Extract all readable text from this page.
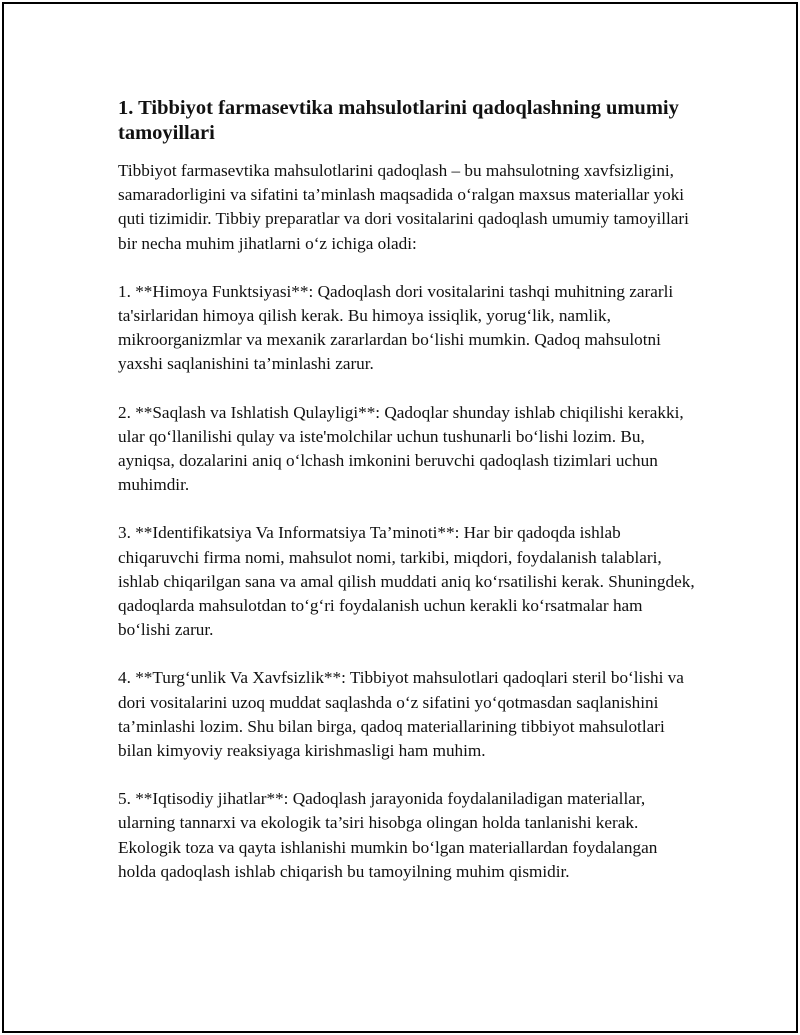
1. Tibbiyot farmasevtika mahsulotlarini qadoqlashning umumiy tamoyillari

Tibbiyot farmasevtika mahsulotlarini qadoqlash – bu mahsulotning xavfsizligini, samaradorligini va sifatini ta’minlash maqsadida o‘ralgan maxsus materiallar yoki quti tizimidir. Tibbiy preparatlar va dori vositalarini qadoqlash umumiy tamoyillari bir necha muhim jihatlarni o‘z ichiga oladi:

1. **Himoya Funktsiyasi**: Qadoqlash dori vositalarini tashqi muhitning zararli ta'sirlaridan himoya qilish kerak. Bu himoya issiqlik, yorug‘lik, namlik, mikroorganizmlar va mexanik zararlardan bo‘lishi mumkin. Qadoq mahsulotni yaxshi saqlanishini ta’minlashi zarur.

2. **Saqlash va Ishlatish Qulayligi**: Qadoqlar shunday ishlab chiqilishi kerakki, ular qo‘llanilishi qulay va iste'molchilar uchun tushunarli bo‘lishi lozim. Bu, ayniqsa, dozalarini aniq o‘lchash imkonini beruvchi qadoqlash tizimlari uchun muhimdir.

3. **Identifikatsiya Va Informatsiya Ta’minoti**: Har bir qadoqda ishlab chiqaruvchi firma nomi, mahsulot nomi, tarkibi, miqdori, foydalanish talablari, ishlab chiqarilgan sana va amal qilish muddati aniq ko‘rsatilishi kerak. Shuningdek, qadoqlarda mahsulotdan to‘g‘ri foydalanish uchun kerakli ko‘rsatmalar ham bo‘lishi zarur.

4. **Turg‘unlik Va Xavfsizlik**: Tibbiyot mahsulotlari qadoqlari steril bo‘lishi va dori vositalarini uzoq muddat saqlashda o‘z sifatini yo‘qotmasdan saqlanishini ta’minlashi lozim. Shu bilan birga, qadoq materiallarining tibbiyot mahsulotlari bilan kimyoviy reaksiyaga kirishmasligi ham muhim.

5. **Iqtisodiy jihatlar**: Qadoqlash jarayonida foydalaniladigan materiallar, ularning tannarxi va ekologik ta’siri hisobga olingan holda tanlanishi kerak. Ekologik toza va qayta ishlanishi mumkin bo‘lgan materiallardan foydalangan holda qadoqlash ishlab chiqarish bu tamoyilning muhim qismidir.
